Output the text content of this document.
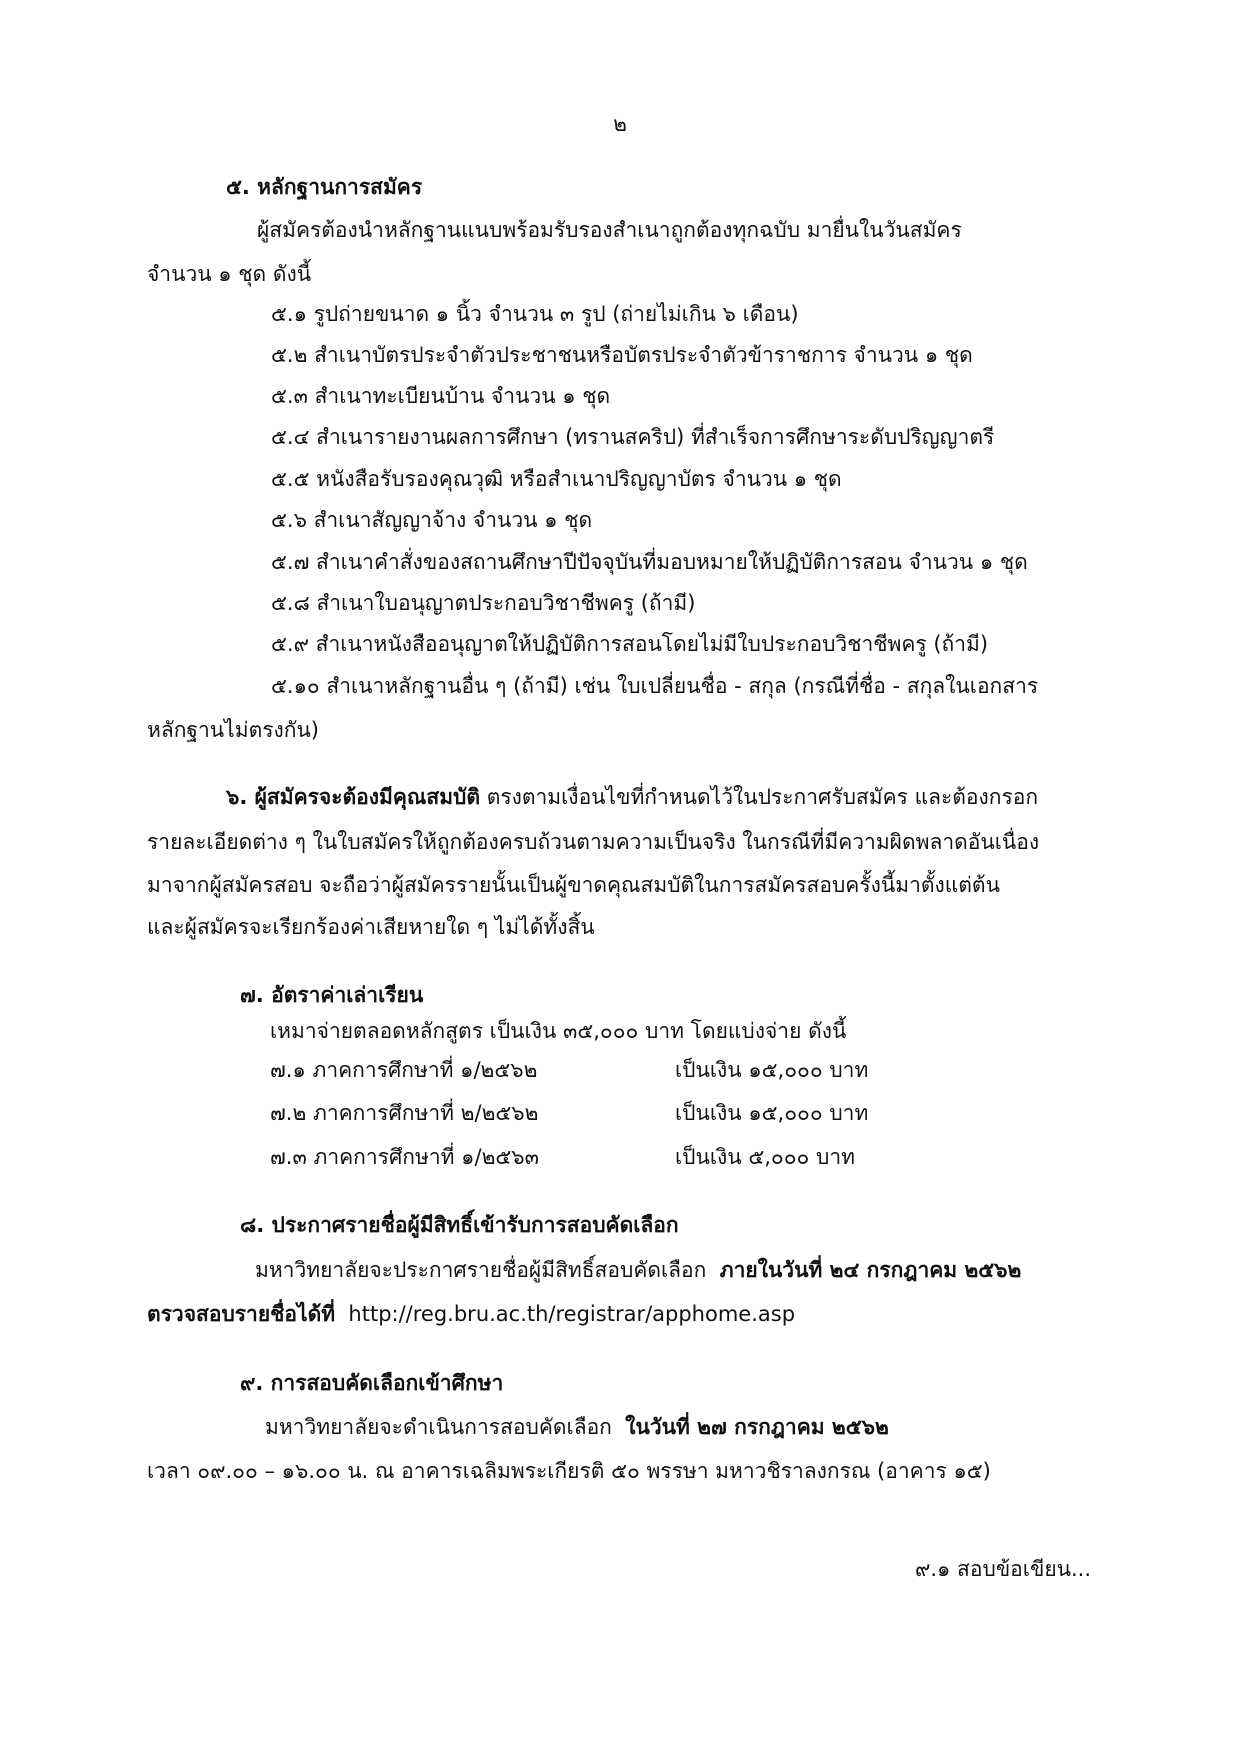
๒
๕. หลักฐานการสมัคร
ผู้สมัครต้องนำหลักฐานแนบพร้อมรับรองสำเนาถูกต้องทุกฉบับ มายื่นในวันสมัคร
จำนวน ๑ ชุด ดังนี้
๕.๑ รูปถ่ายขนาด ๑ นิ้ว จำนวน ๓ รูป (ถ่ายไม่เกิน ๖ เดือน)
๕.๒ สำเนาบัตรประจำตัวประชาชนหรือบัตรประจำตัวข้าราชการ จำนวน ๑ ชุด
๕.๓ สำเนาทะเบียนบ้าน จำนวน ๑ ชุด
๕.๔ สำเนารายงานผลการศึกษา (ทรานสคริป) ที่สำเร็จการศึกษาระดับปริญญาตรี
๕.๕ หนังสือรับรองคุณวุฒิ หรือสำเนาปริญญาบัตร จำนวน ๑ ชุด
๕.๖ สำเนาสัญญาจ้าง จำนวน ๑ ชุด
๕.๗ สำเนาคำสั่งของสถานศึกษาปีปัจจุบันที่มอบหมายให้ปฏิบัติการสอน จำนวน ๑ ชุด
๕.๘ สำเนาใบอนุญาตประกอบวิชาชีพครู (ถ้ามี)
๕.๙ สำเนาหนังสืออนุญาตให้ปฏิบัติการสอนโดยไม่มีใบประกอบวิชาชีพครู (ถ้ามี)
๕.๑๐ สำเนาหลักฐานอื่น ๆ (ถ้ามี) เช่น ใบเปลี่ยนชื่อ - สกุล (กรณีที่ชื่อ - สกุลในเอกสาร
หลักฐานไม่ตรงกัน)
๖. ผู้สมัครจะต้องมีคุณสมบัติ ตรงตามเงื่อนไขที่กำหนดไว้ในประกาศรับสมัคร และต้องกรอก
รายละเอียดต่าง ๆ ในใบสมัครให้ถูกต้องครบถ้วนตามความเป็นจริง ในกรณีที่มีความผิดพลาดอันเนื่อง
มาจากผู้สมัครสอบ จะถือว่าผู้สมัครรายนั้นเป็นผู้ขาดคุณสมบัติในการสมัครสอบครั้งนี้มาตั้งแต่ต้น
และผู้สมัครจะเรียกร้องค่าเสียหายใด ๆ ไม่ได้ทั้งสิ้น
๗. อัตราค่าเล่าเรียน
เหมาจ่ายตลอดหลักสูตร เป็นเงิน ๓๕,๐๐๐ บาท โดยแบ่งจ่าย ดังนี้
๗.๑ ภาคการศึกษาที่ ๑/๒๕๖๒	เป็นเงิน ๑๕,๐๐๐ บาท
๗.๒ ภาคการศึกษาที่ ๒/๒๕๖๒	เป็นเงิน ๑๕,๐๐๐ บาท
๗.๓ ภาคการศึกษาที่ ๑/๒๕๖๓	เป็นเงิน ๕,๐๐๐ บาท
๘. ประกาศรายชื่อผู้มีสิทธิ์เข้ารับการสอบคัดเลือก
มหาวิทยาลัยจะประกาศรายชื่อผู้มีสิทธิ์สอบคัดเลือก ภายในวันที่ ๒๔ กรกฎาคม ๒๕๖๒
ตรวจสอบรายชื่อได้ที่ http://reg.bru.ac.th/registrar/apphome.asp
๙. การสอบคัดเลือกเข้าศึกษา
มหาวิทยาลัยจะดำเนินการสอบคัดเลือก ในวันที่ ๒๗ กรกฎาคม ๒๕๖๒
เวลา ๐๙.๐๐ – ๑๖.๐๐ น. ณ อาคารเฉลิมพระเกียรติ ๕๐ พรรษา มหาวชิราลงกรณ (อาคาร ๑๕)
๙.๑ สอบข้อเขียน...
